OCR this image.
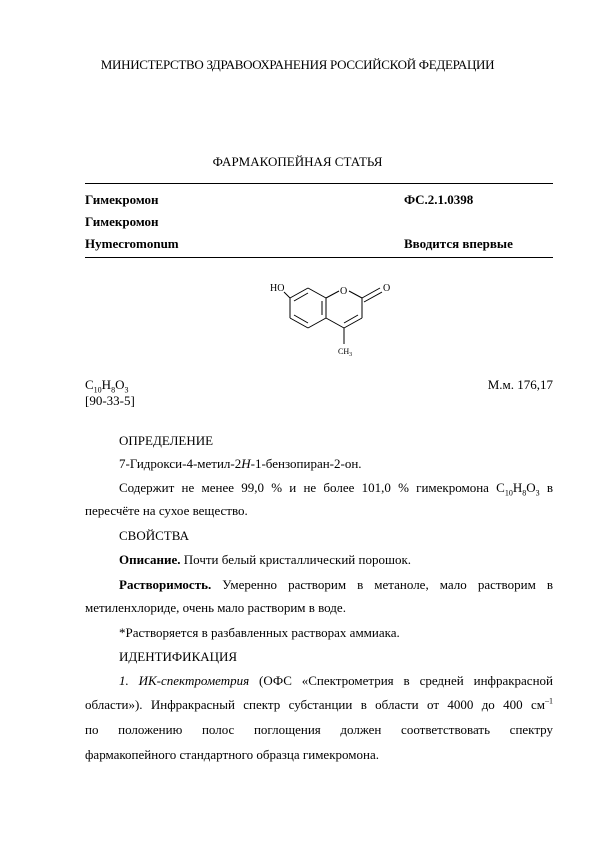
МИНИСТЕРСТВО ЗДРАВООХРАНЕНИЯ РОССИЙСКОЙ ФЕДЕРАЦИИ
ФАРМАКОПЕЙНАЯ СТАТЬЯ
Гимекромон	ФС.2.1.0398
Гимекромон
Hymecromonum	Вводится впервые
HO	O	O
$CH_3$
$C_{10}H_8O_3$	М.м. 176,17
[90-33-5]
ОПРЕДЕЛЕНИЕ
7-Гидрокси-4-метил-2H-1-бензопиран-2-он.
Содержит не менее 99,0 % и не более 101,0 % гимекромона $C_{10}H_8O_3$ в
пересчёте на сухое вещество.
СВОЙСТВА
Описание. Почти белый кристаллический порошок.
Растворимость. Умеренно растворим в метаноле, мало растворим в
метиленхлориде, очень мало растворим в воде.
*Растворяется в разбавленных растворах аммиака.
ИДЕНТИФИКАЦИЯ
1. ИК-спектрометрия (ОФС «Спектрометрия в средней инфракрасной
области»). Инфракрасный спектр субстанции в области от 4000 до 400 $см^{-1}$
по положению полос поглощения должен соответствовать спектру
фармакопейного стандартного образца гимекромона.
